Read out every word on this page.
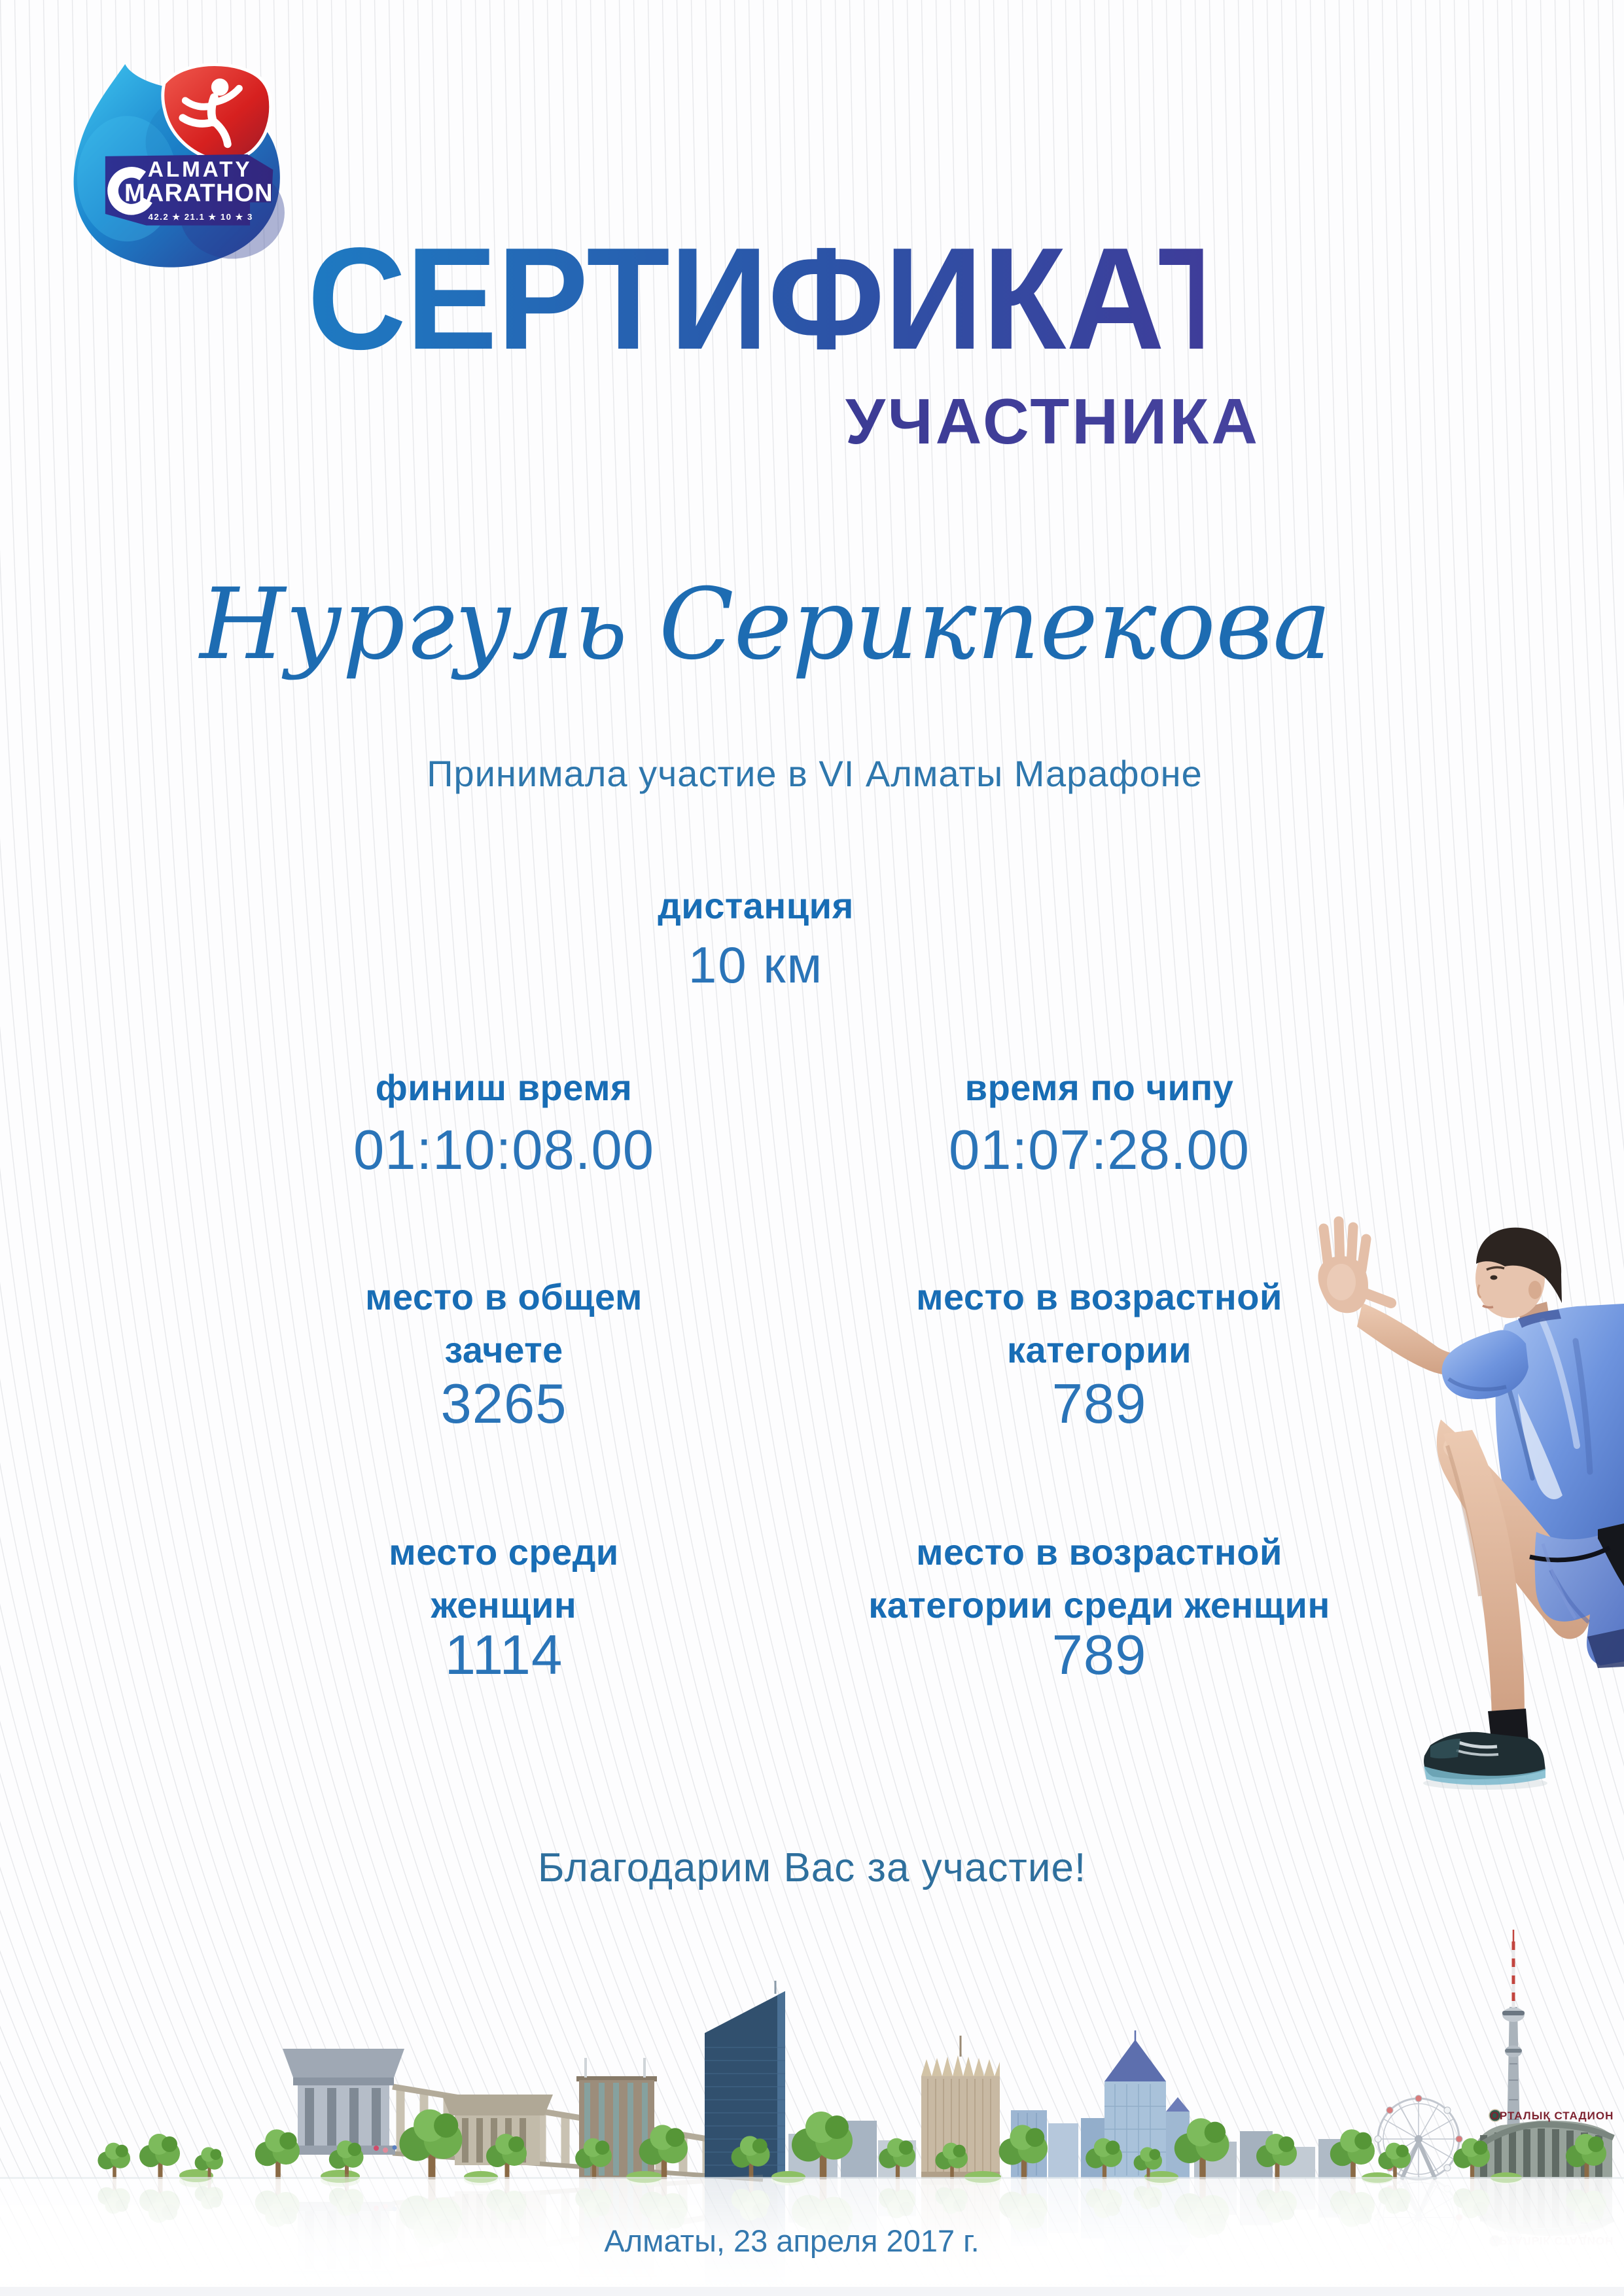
ALMATY
MARATHON
42.2 ★ 21.1 ★ 10 ★ 3
СЕРТИФИКАТ
УЧАСТНИКА
Нургуль Серикпекова
Принимала участие в VI Алматы Марафоне
дистанция
10 км
финиш время
01:10:08.00
время по чипу
01:07:28.00
место в общем зачете
3265
место в возрастной категории
789
место среди женщин
1114
место в возрастной категории среди женщин
789
Благодарим Вас за участие!
ОРТАЛЫҚ СТАДИОН
Алматы, 23 апреля 2017 г.
